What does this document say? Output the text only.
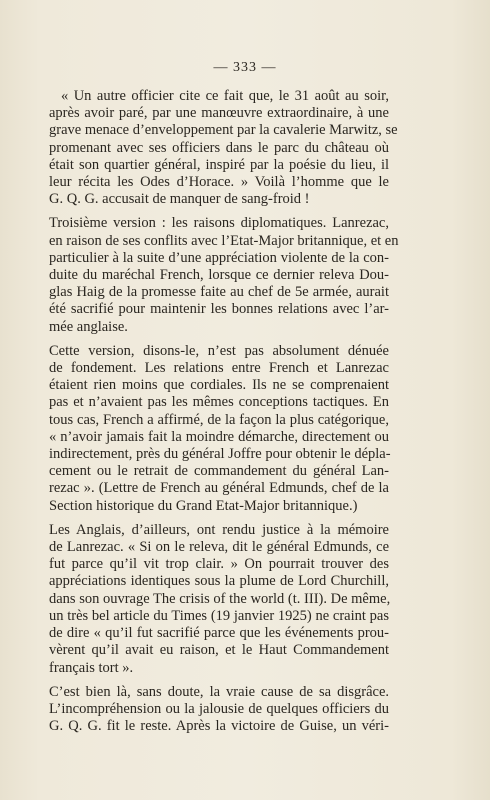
— 333 —
« Un autre officier cite ce fait que, le 31 août au soir,
après avoir paré, par une manœuvre extraordinaire, à une
grave menace d’enveloppement par la cavalerie Marwitz, se
promenant avec ses officiers dans le parc du château où
était son quartier général, inspiré par la poésie du lieu, il
leur récita les Odes d’Horace. » Voilà l’homme que le
G. Q. G. accusait de manquer de sang-froid !
Troisième version : les raisons diplomatiques. Lanrezac,
en raison de ses conflits avec l’Etat-Major britannique, et en
particulier à la suite d’une appréciation violente de la con-
duite du maréchal French, lorsque ce dernier releva Dou-
glas Haig de la promesse faite au chef de 5e armée, aurait
été sacrifié pour maintenir les bonnes relations avec l’ar-
mée anglaise.
Cette version, disons-le, n’est pas absolument dénuée
de fondement. Les relations entre French et Lanrezac
étaient rien moins que cordiales. Ils ne se comprenaient
pas et n’avaient pas les mêmes conceptions tactiques. En
tous cas, French a affirmé, de la façon la plus catégorique,
« n’avoir jamais fait la moindre démarche, directement ou
indirectement, près du général Joffre pour obtenir le dépla-
cement ou le retrait de commandement du général Lan-
rezac ». (Lettre de French au général Edmunds, chef de la
Section historique du Grand Etat-Major britannique.)
Les Anglais, d’ailleurs, ont rendu justice à la mémoire
de Lanrezac. « Si on le releva, dit le général Edmunds, ce
fut parce qu’il vit trop clair. » On pourrait trouver des
appréciations identiques sous la plume de Lord Churchill,
dans son ouvrage The crisis of the world (t. III). De même,
un très bel article du Times (19 janvier 1925) ne craint pas
de dire « qu’il fut sacrifié parce que les événements prou-
vèrent qu’il avait eu raison, et le Haut Commandement
français tort ».
C’est bien là, sans doute, la vraie cause de sa disgrâce.
L’incompréhension ou la jalousie de quelques officiers du
G. Q. G. fit le reste. Après la victoire de Guise, un véri-
